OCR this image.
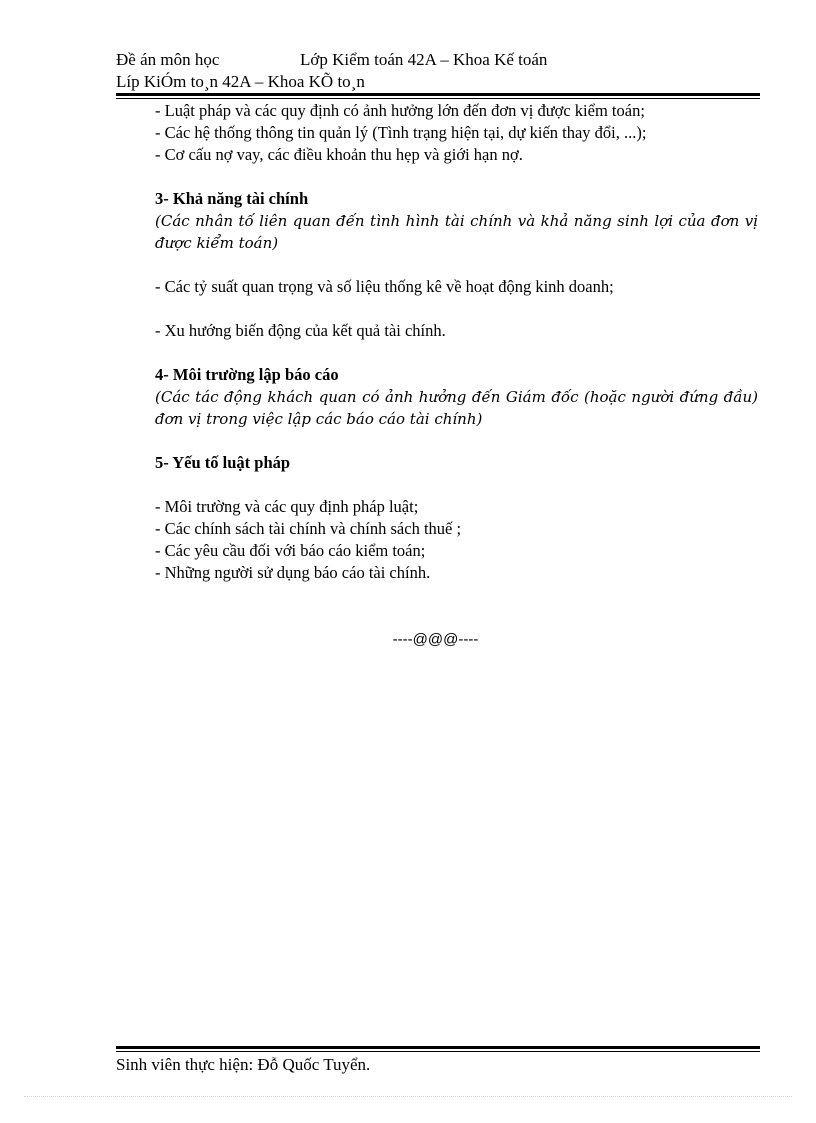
Đề án môn học	Lớp Kiểm toán 42A – Khoa Kế toán
Líp KiÓm to¸n 42A – Khoa KÕ to¸n
- Luật pháp và các quy định có ảnh hưởng lớn đến đơn vị được kiểm toán;
- Các hệ thống thông tin quản lý (Tình trạng hiện tại, dự kiến thay đổi, ...);
- Cơ cấu nợ vay, các điều khoản thu hẹp và giới hạn nợ.
3- Khả năng tài chính
(Các nhân tố liên quan đến tình hình tài chính và khả năng sinh lợi của đơn vị được kiểm toán)
- Các tỷ suất quan trọng và số liệu thống kê về hoạt động kinh doanh;
- Xu hướng biến động của kết quả tài chính.
4- Môi trường lập báo cáo
(Các tác động khách quan có ảnh hưởng đến Giám đốc (hoặc người đứng đầu) đơn vị trong việc lập các báo cáo tài chính)
5- Yếu tố luật pháp
- Môi trường và các quy định pháp luật;
- Các chính sách tài chính và chính sách thuế ;
- Các yêu cầu đối với báo cáo kiểm toán;
- Những người sử dụng báo cáo tài chính.
----@@@----
Sinh viên thực hiện: Đỗ Quốc Tuyển.
